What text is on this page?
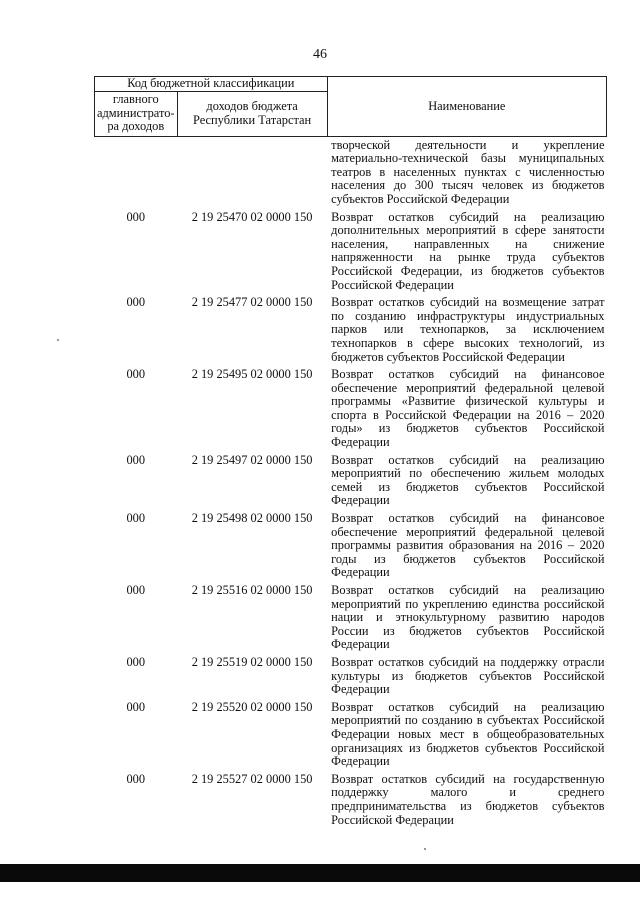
46
Код бюджетной классификации		Наименование
главного администрато-ра доходов	доходов бюджета Республики Татарстан	
		творческой деятельности и укрепление материально-технической базы муниципальных театров в населенных пунктах с численностью населения до 300 тысяч человек из бюджетов субъектов Российской Федерации
000	2 19 25470 02 0000 150	Возврат остатков субсидий на реализацию дополнительных мероприятий в сфере занятости населения, направленных на снижение напряженности на рынке труда субъектов Российской Федерации, из бюджетов субъектов Российской Федерации
000	2 19 25477 02 0000 150	Возврат остатков субсидий на возмещение затрат по созданию инфраструктуры индустриальных парков или технопарков, за исключением технопарков в сфере высоких технологий, из бюджетов субъектов Российской Федерации
000	2 19 25495 02 0000 150	Возврат остатков субсидий на финансовое обеспечение мероприятий федеральной целевой программы «Развитие физической культуры и спорта в Российской Федерации на 2016 – 2020 годы» из бюджетов субъектов Российской Федерации
000	2 19 25497 02 0000 150	Возврат остатков субсидий на реализацию мероприятий по обеспечению жильем молодых семей из бюджетов субъектов Российской Федерации
000	2 19 25498 02 0000 150	Возврат остатков субсидий на финансовое обеспечение мероприятий федеральной целевой программы развития образования на 2016 – 2020 годы из бюджетов субъектов Российской Федерации
000	2 19 25516 02 0000 150	Возврат остатков субсидий на реализацию мероприятий по укреплению единства российской нации и этнокультурному развитию народов России из бюджетов субъектов Российской Федерации
000	2 19 25519 02 0000 150	Возврат остатков субсидий на поддержку отрасли культуры из бюджетов субъектов Российской Федерации
000	2 19 25520 02 0000 150	Возврат остатков субсидий на реализацию мероприятий по созданию в субъектах Российской Федерации новых мест в общеобразовательных организациях из бюджетов субъектов Российской Федерации
000	2 19 25527 02 0000 150	Возврат остатков субсидий на государственную поддержку малого и среднего предпринимательства из бюджетов субъектов Российской Федерации
